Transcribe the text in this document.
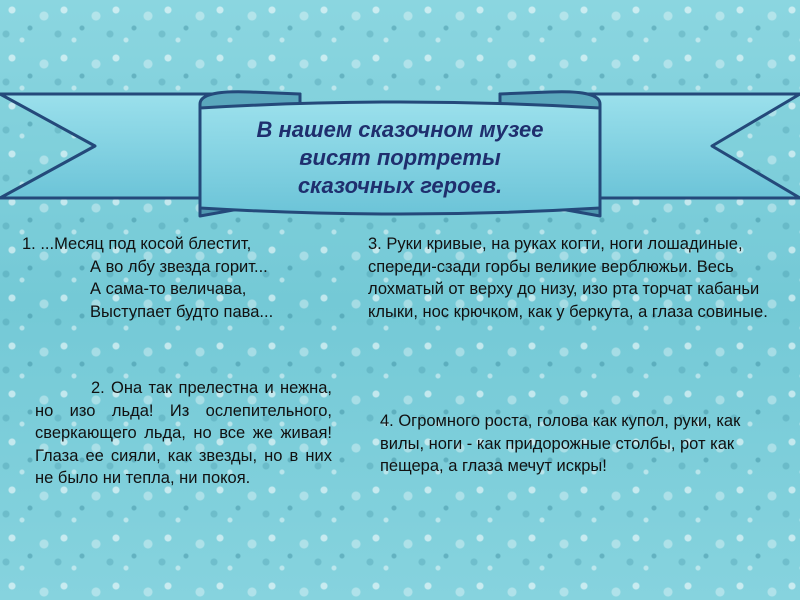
В нашем сказочном музее
висят портреты
сказочных героев.
1. ...Месяц под косой блестит,
А во лбу звезда горит...
А сама-то величава,
Выступает будто пава...
2. Она так прелестна и нежна, но изо льда! Из ослепительного, сверкающего льда, но все же живая! Глаза ее сияли, как звезды, но в них не было ни тепла, ни покоя.
3. Руки кривые, на руках когти, ноги лошадиные, спереди-сзади горбы великие верблюжьи. Весь лохматый от верху до низу, изо рта торчат кабаньи клыки, нос крючком, как у беркута, а глаза совиные.
4. Огромного роста, голова как купол, руки, как вилы, ноги - как придорожные столбы, рот как пещера, а глаза мечут искры!
